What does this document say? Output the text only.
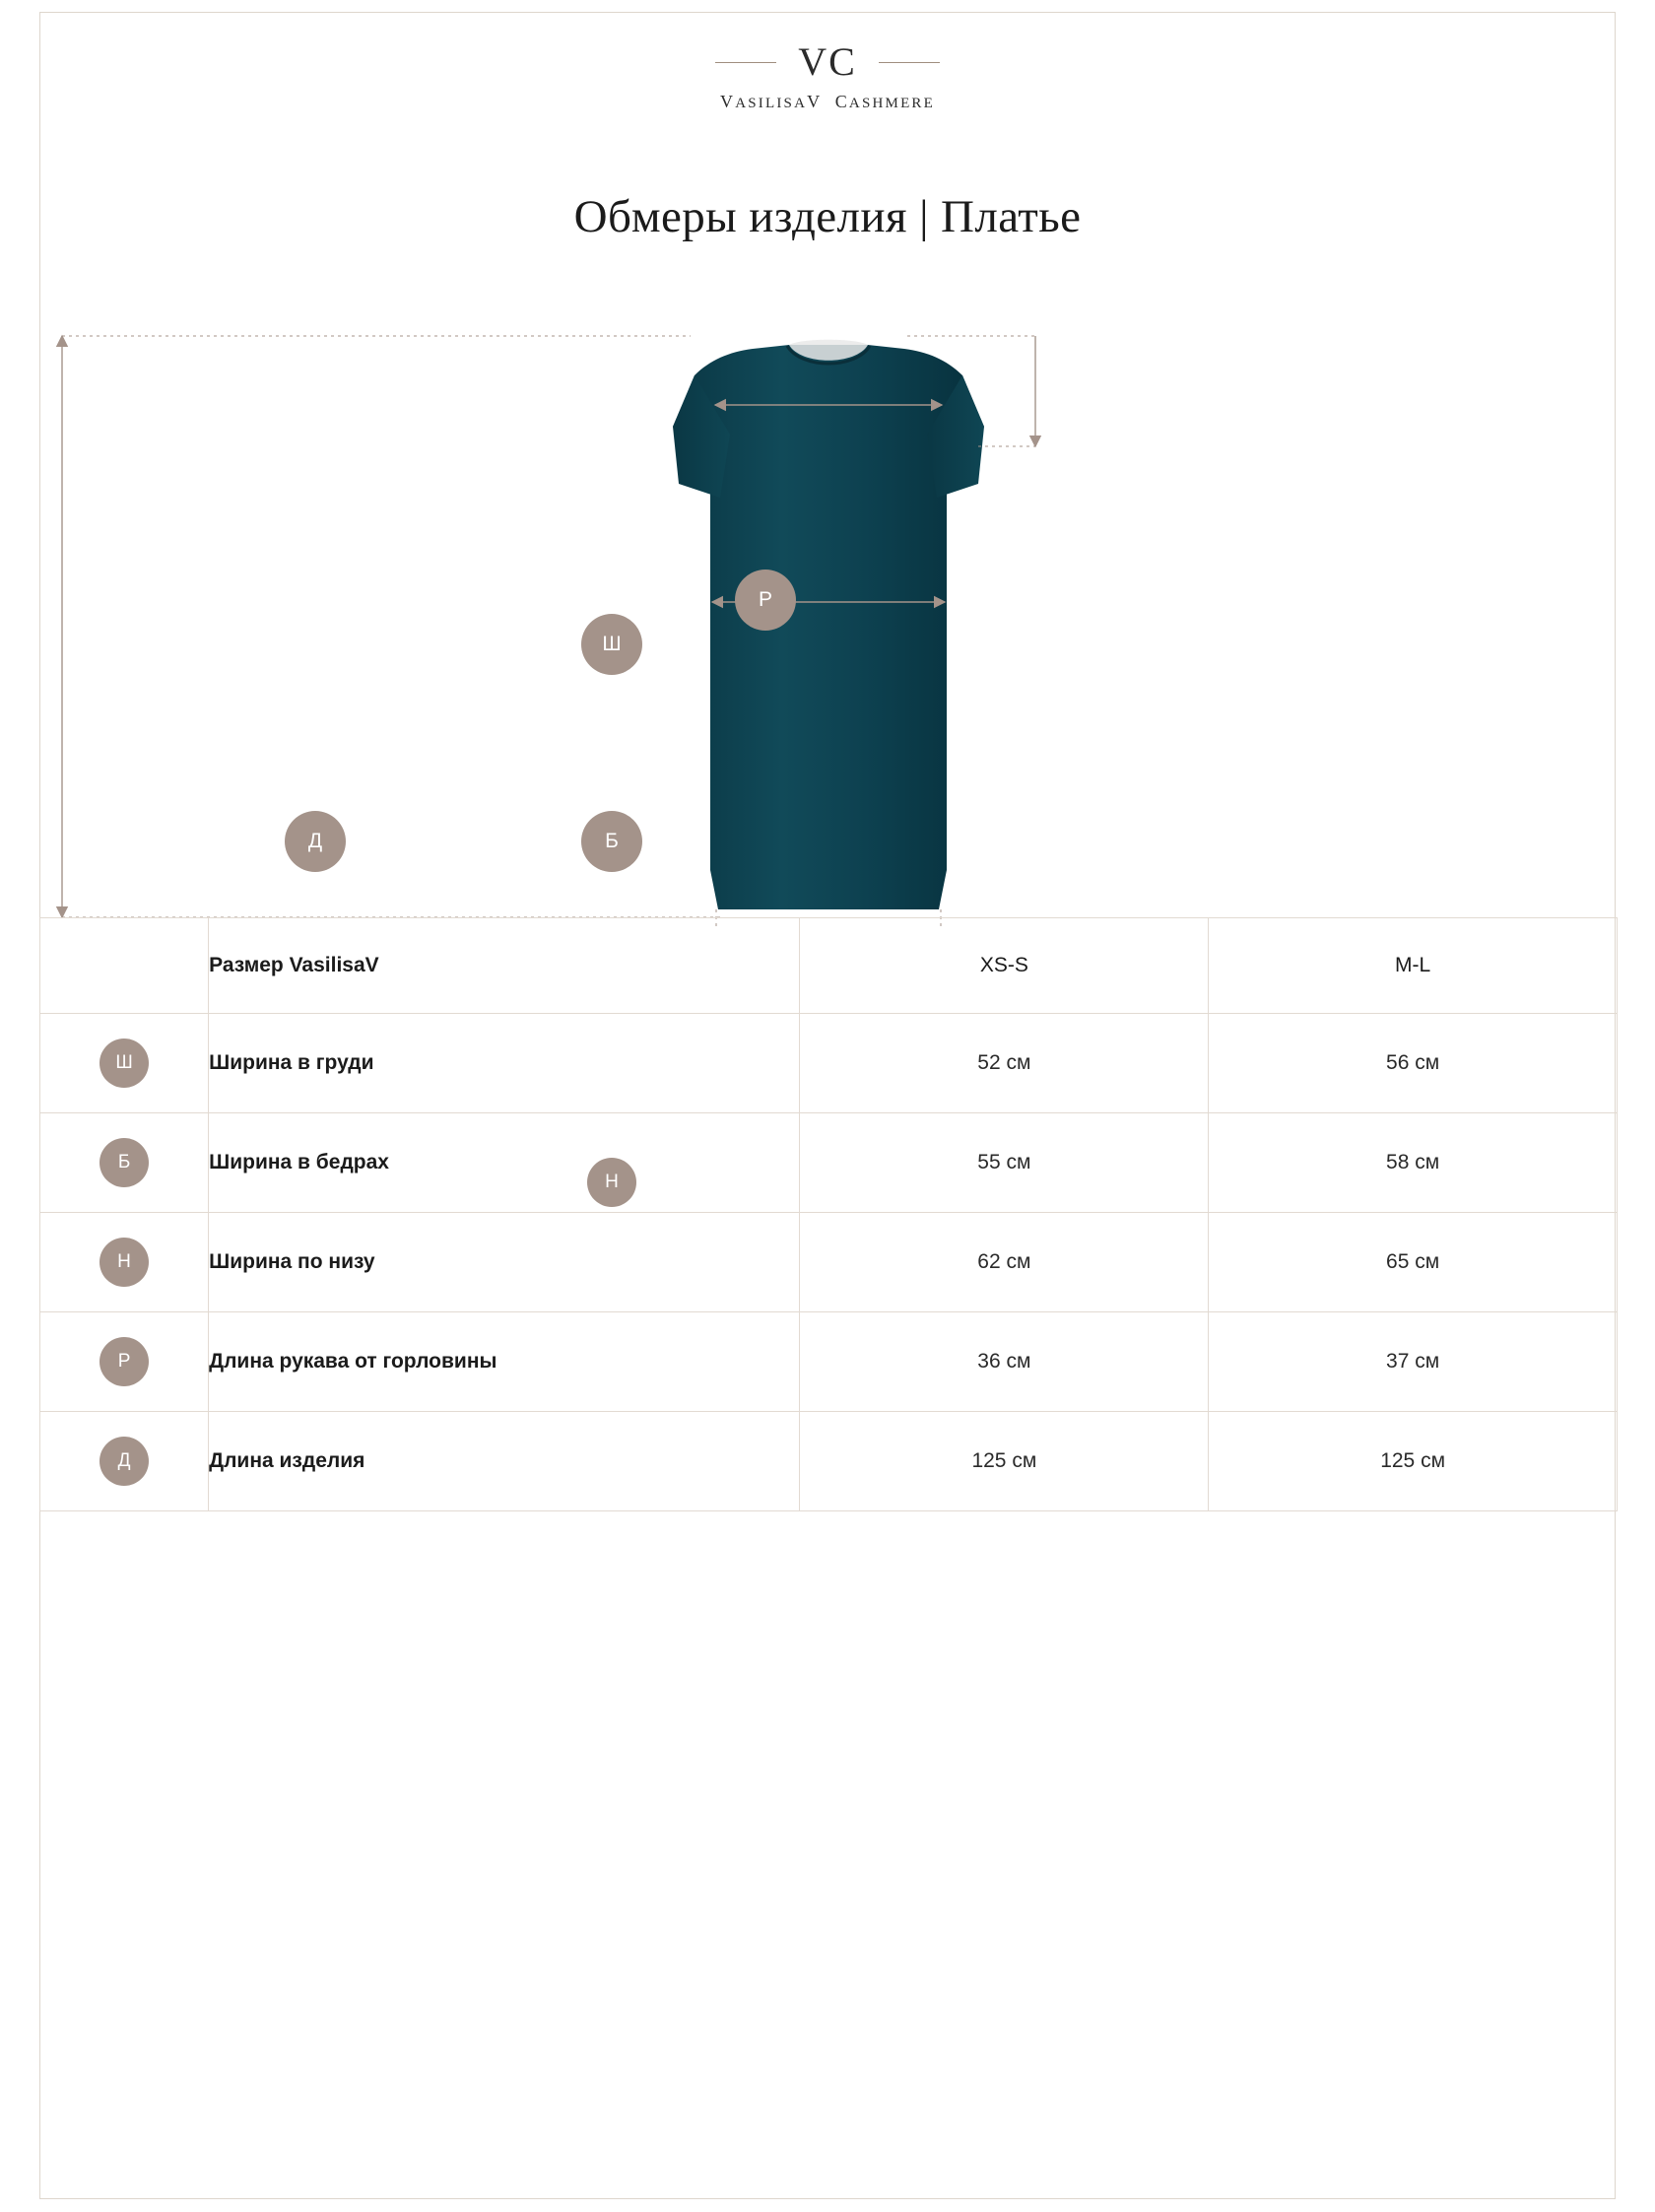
VC
VASILISAV  CASHMERE
Обмеры изделия | Платье
Д
Ш
Б
Н
Р
	Размер VasilisaV	XS-S	M-L
Ш	Ширина в груди	52 см	56 см
Б	Ширина в бедрах	55 см	58 см
Н	Ширина по низу	62 см	65 см
Р	Длина рукава от горловины	36 см	37 см
Д	Длина изделия	125 см	125 см
